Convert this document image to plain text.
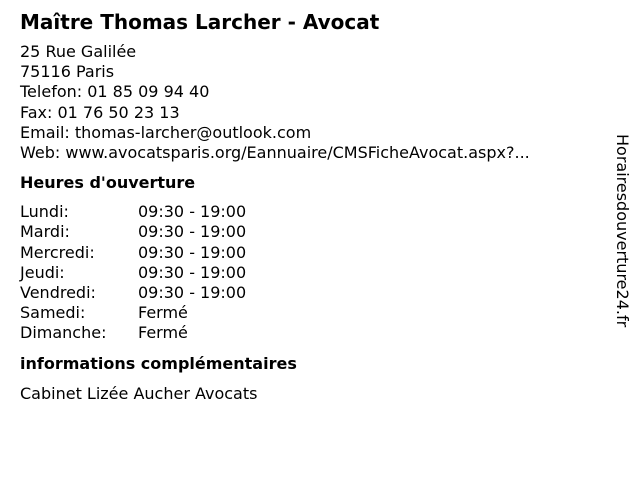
Maître Thomas Larcher - Avocat
25 Rue Galilée
75116 Paris
Telefon: 01 85 09 94 40
Fax: 01 76 50 23 13
Email: thomas-larcher@outlook.com
Web: www.avocatsparis.org/Eannuaire/CMSFicheAvocat.aspx?...
Heures d'ouverture
Lundi:	09:30 - 19:00
Mardi:	09:30 - 19:00
Mercredi:	09:30 - 19:00
Jeudi:	09:30 - 19:00
Vendredi:	09:30 - 19:00
Samedi:	Fermé
Dimanche:	Fermé
informations complémentaires
Cabinet Lizée Aucher Avocats
Horairesdouverture24.fr
